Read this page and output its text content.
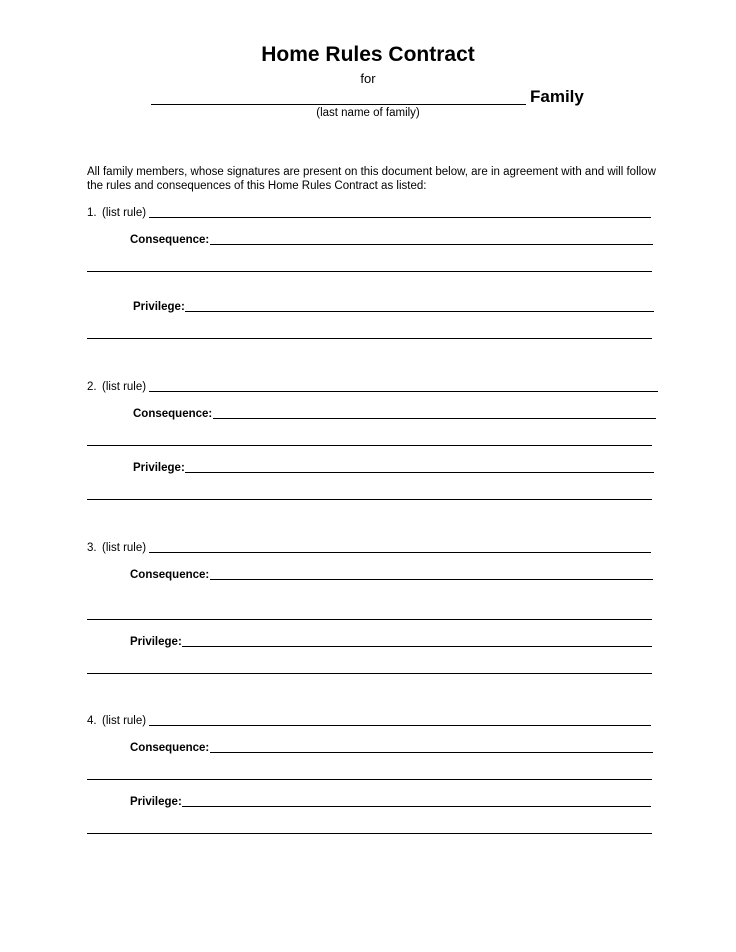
Home Rules Contract
for
Family
(last name of family)
All family members, whose signatures are present on this document below, are in agreement with and will follow the rules and consequences of this Home Rules Contract as listed:
1. (list rule)
Consequence:
Privilege:
2. (list rule)
Consequence:
Privilege:
3. (list rule)
Consequence:
Privilege:
4. (list rule)
Consequence:
Privilege:
